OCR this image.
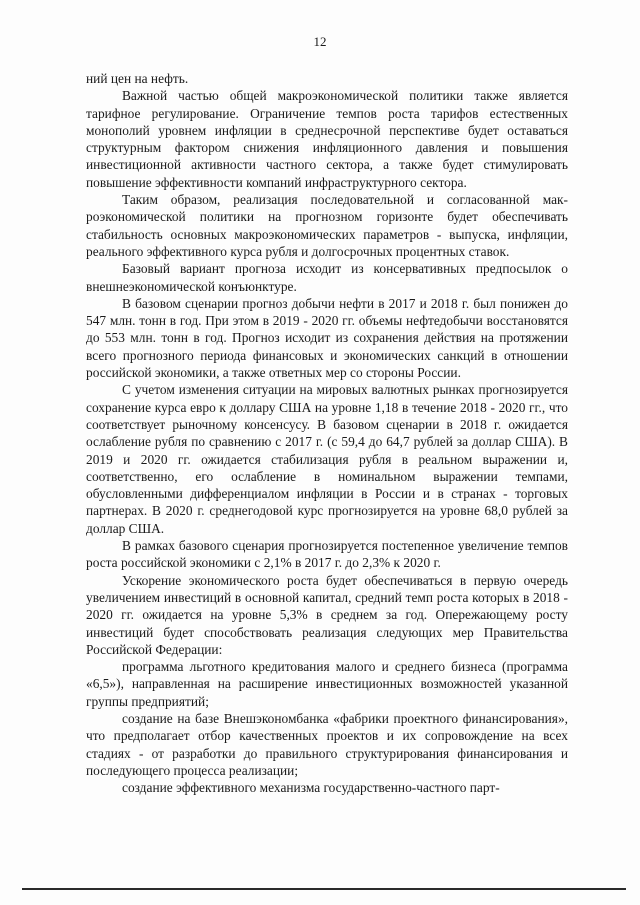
12

ний цен на нефть.

Важной частью общей макроэкономической политики также является тарифное регулирование. Ограничение темпов роста тарифов естественных монополий уровнем инфляции в среднесрочной перспективе будет оставаться структурным фактором снижения инфляционного давления и повышения инвестиционной активности частного сектора, а также будет стимулировать повышение эффективности компаний инфраструктурного сектора.

Таким образом, реализация последовательной и согласованной макроэкономической политики на прогнозном горизонте будет обеспечивать стабильность основных макроэкономических параметров - выпуска, инфляции, реального эффективного курса рубля и долгосрочных процентных ставок.

Базовый вариант прогноза исходит из консервативных предпосылок о внешнеэкономической конъюнктуре.

В базовом сценарии прогноз добычи нефти в 2017 и 2018 г. был понижен до 547 млн. тонн в год. При этом в 2019 - 2020 гг. объемы нефтедобычи восстановятся до 553 млн. тонн в год. Прогноз исходит из сохранения действия на протяжении всего прогнозного периода финансовых и экономических санкций в отношении российской экономики, а также ответных мер со стороны России.

С учетом изменения ситуации на мировых валютных рынках прогнозируется сохранение курса евро к доллару США на уровне 1,18 в течение 2018 - 2020 гг., что соответствует рыночному консенсусу. В базовом сценарии в 2018 г. ожидается ослабление рубля по сравнению с 2017 г. (с 59,4 до 64,7 рублей за доллар США). В 2019 и 2020 гг. ожидается стабилизация рубля в реальном выражении и, соответственно, его ослабление в номинальном выражении темпами, обусловленными дифференциалом инфляции в России и в странах - торговых партнерах. В 2020 г. среднегодовой курс прогнозируется на уровне 68,0 рублей за доллар США.

В рамках базового сценария прогнозируется постепенное увеличение темпов роста российской экономики с 2,1% в 2017 г. до 2,3% к 2020 г.

Ускорение экономического роста будет обеспечиваться в первую очередь увеличением инвестиций в основной капитал, средний темп роста которых в 2018 - 2020 гг. ожидается на уровне 5,3% в среднем за год. Опережающему росту инвестиций будет способствовать реализация следующих мер Правительства Российской Федерации:

программа льготного кредитования малого и среднего бизнеса (программа «6,5»), направленная на расширение инвестиционных возможностей указанной группы предприятий;

создание на базе Внешэкономбанка «фабрики проектного финансирования», что предполагает отбор качественных проектов и их сопровождение на всех стадиях - от разработки до правильного структурирования финансирования и последующего процесса реализации;

создание эффективного механизма государственно-частного парт-
